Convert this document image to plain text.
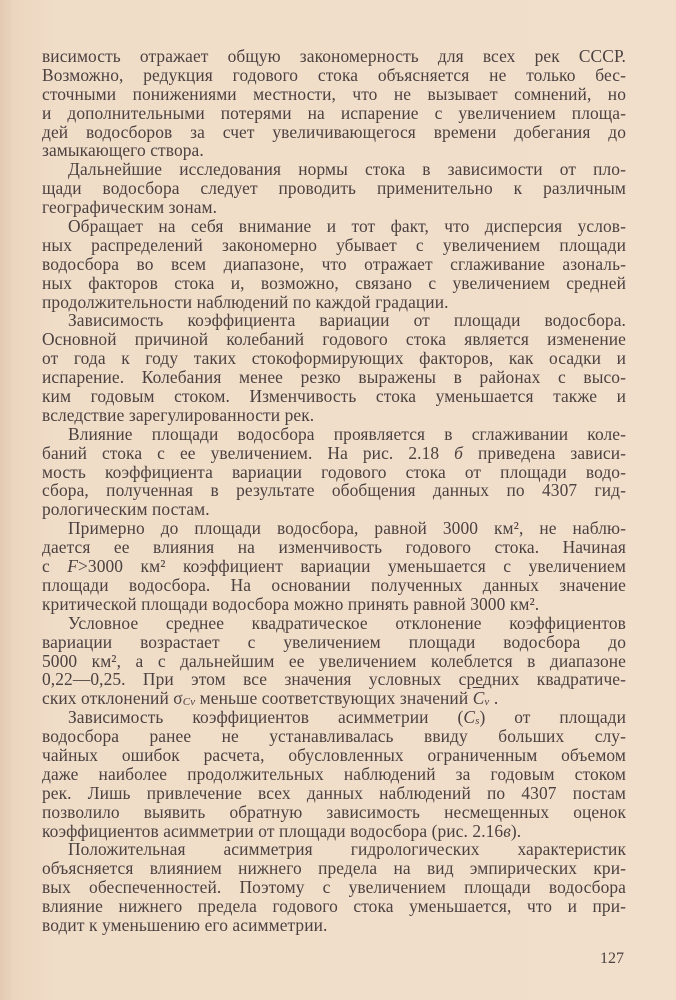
висимость отражает общую закономерность для всех рек СССР.
Возможно, редукция годового стока объясняется не только бес-
сточными понижениями местности, что не вызывает сомнений, но
и дополнительными потерями на испарение с увеличением площа-
дей водосборов за счет увеличивающегося времени добегания до
замыкающего створа.
Дальнейшие исследования нормы стока в зависимости от пло-
щади водосбора следует проводить применительно к различным
географическим зонам.
Обращает на себя внимание и тот факт, что дисперсия услов-
ных распределений закономерно убывает с увеличением площади
водосбора во всем диапазоне, что отражает сглаживание азональ-
ных факторов стока и, возможно, связано с увеличением средней
продолжительности наблюдений по каждой градации.
Зависимость коэффициента вариации от площади водосбора.
Основной причиной колебаний годового стока является изменение
от года к году таких стокоформирующих факторов, как осадки и
испарение. Колебания менее резко выражены в районах с высо-
ким годовым стоком. Изменчивость стока уменьшается также и
вследствие зарегулированности рек.
Влияние площади водосбора проявляется в сглаживании коле-
баний стока с ее увеличением. На рис. 2.18 б приведена зависи-
мость коэффициента вариации годового стока от площади водо-
сбора, полученная в результате обобщения данных по 4307 гид-
рологическим постам.
Примерно до площади водосбора, равной 3000 км², не наблю-
дается ее влияния на изменчивость годового стока. Начиная
с F>3000 км² коэффициент вариации уменьшается с увеличением
площади водосбора. На основании полученных данных значение
критической площади водосбора можно принять равной 3000 км².
Условное среднее квадратическое отклонение коэффициентов
вариации возрастает с увеличением площади водосбора до
5000 км², а с дальнейшим ее увеличением колеблется в диапазоне
0,22—0,25. При этом все значения условных средних квадратиче-
ских отклонений σCv меньше соответствующих значений $\overline{C}v$ .
Зависимость коэффициентов асимметрии (Cs) от площади
водосбора ранее не устанавливалась ввиду больших слу-
чайных ошибок расчета, обусловленных ограниченным объемом
даже наиболее продолжительных наблюдений за годовым стоком
рек. Лишь привлечение всех данных наблюдений по 4307 постам
позволило выявить обратную зависимость несмещенных оценок
коэффициентов асимметрии от площади водосбора (рис. 2.16в).
Положительная асимметрия гидрологических характеристик
объясняется влиянием нижнего предела на вид эмпирических кри-
вых обеспеченностей. Поэтому с увеличением площади водосбора
влияние нижнего предела годового стока уменьшается, что и при-
водит к уменьшению его асимметрии.
127
